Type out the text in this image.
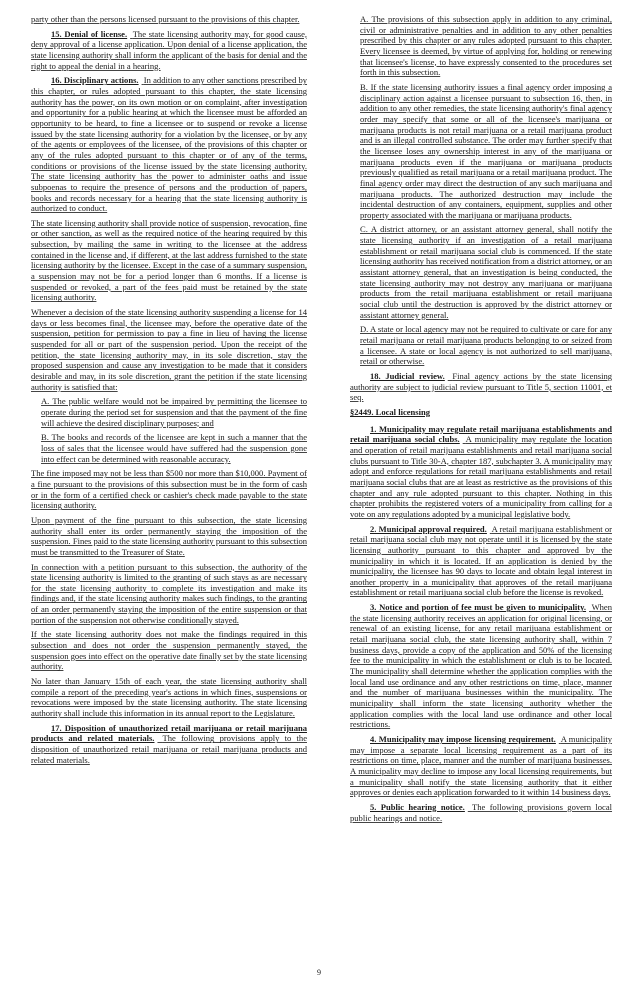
party other than the persons licensed pursuant to the provisions of this chapter.

15. Denial of license. The state licensing authority may, for good cause, deny approval of a license application. Upon denial of a license application, the state licensing authority shall inform the applicant of the basis for denial and the right to appeal the denial in a hearing.

16. Disciplinary actions. In addition to any other sanctions prescribed by this chapter, or rules adopted pursuant to this chapter, the state licensing authority has the power, on its own motion or on complaint, after investigation and opportunity for a public hearing at which the licensee must be afforded an opportunity to be heard, to fine a licensee or to suspend or revoke a license issued by the state licensing authority for a violation by the licensee, or by any of the agents or employees of the licensee, of the provisions of this chapter or any of the rules adopted pursuant to this chapter or of any of the terms, conditions or provisions of the license issued by the state licensing authority. The state licensing authority has the power to administer oaths and issue subpoenas to require the presence of persons and the production of papers, books and records necessary for a hearing that the state licensing authority is authorized to conduct.

The state licensing authority shall provide notice of suspension, revocation, fine or other sanction, as well as the required notice of the hearing required by this subsection, by mailing the same in writing to the licensee at the address contained in the license and, if different, at the last address furnished to the state licensing authority by the licensee. Except in the case of a summary suspension, a suspension may not be for a period longer than 6 months. If a license is suspended or revoked, a part of the fees paid must be retained by the state licensing authority.

Whenever a decision of the state licensing authority suspending a license for 14 days or less becomes final, the licensee may, before the operative date of the suspension, petition for permission to pay a fine in lieu of having the license suspended for all or part of the suspension period. Upon the receipt of the petition, the state licensing authority may, in its sole discretion, stay the proposed suspension and cause any investigation to be made that it considers desirable and may, in its sole discretion, grant the petition if the state licensing authority is satisfied that:

A. The public welfare would not be impaired by permitting the licensee to operate during the period set for suspension and that the payment of the fine will achieve the desired disciplinary purposes; and

B. The books and records of the licensee are kept in such a manner that the loss of sales that the licensee would have suffered had the suspension gone into effect can be determined with reasonable accuracy.

The fine imposed may not be less than $500 nor more than $10,000. Payment of a fine pursuant to the provisions of this subsection must be in the form of cash or in the form of a certified check or cashier's check made payable to the state licensing authority.

Upon payment of the fine pursuant to this subsection, the state licensing authority shall enter its order permanently staying the imposition of the suspension. Fines paid to the state licensing authority pursuant to this subsection must be transmitted to the Treasurer of State.

In connection with a petition pursuant to this subsection, the authority of the state licensing authority is limited to the granting of such stays as are necessary for the state licensing authority to complete its investigation and make its findings and, if the state licensing authority makes such findings, to the granting of an order permanently staying the imposition of the entire suspension or that portion of the suspension not otherwise conditionally stayed.

If the state licensing authority does not make the findings required in this subsection and does not order the suspension permanently stayed, the suspension goes into effect on the operative date finally set by the state licensing authority.

No later than January 15th of each year, the state licensing authority shall compile a report of the preceding year's actions in which fines, suspensions or revocations were imposed by the state licensing authority. The state licensing authority shall include this information in its annual report to the Legislature.

17. Disposition of unauthorized retail marijuana or retail marijuana products and related materials. The following provisions apply to the disposition of unauthorized retail marijuana or retail marijuana products and related materials.

A. The provisions of this subsection apply in addition to any criminal, civil or administrative penalties and in addition to any other penalties prescribed by this chapter or any rules adopted pursuant to this chapter. Every licensee is deemed, by virtue of applying for, holding or renewing that licensee's license, to have expressly consented to the procedures set forth in this subsection.

B. If the state licensing authority issues a final agency order imposing a disciplinary action against a licensee pursuant to subsection 16, then, in addition to any other remedies, the state licensing authority's final agency order may specify that some or all of the licensee's marijuana or marijuana products is not retail marijuana or a retail marijuana product and is an illegal controlled substance. The order may further specify that the licensee loses any ownership interest in any of the marijuana or marijuana products even if the marijuana or marijuana products previously qualified as retail marijuana or a retail marijuana product. The final agency order may direct the destruction of any such marijuana and marijuana products. The authorized destruction may include the incidental destruction of any containers, equipment, supplies and other property associated with the marijuana or marijuana products.

C. A district attorney, or an assistant attorney general, shall notify the state licensing authority if an investigation of a retail marijuana establishment or retail marijuana social club is commenced. If the state licensing authority has received notification from a district attorney, or an assistant attorney general, that an investigation is being conducted, the state licensing authority may not destroy any marijuana or marijuana products from the retail marijuana establishment or retail marijuana social club until the destruction is approved by the district attorney or assistant attorney general.

D. A state or local agency may not be required to cultivate or care for any retail marijuana or retail marijuana products belonging to or seized from a licensee. A state or local agency is not authorized to sell marijuana, retail or otherwise.

18. Judicial review. Final agency actions by the state licensing authority are subject to judicial review pursuant to Title 5, section 11001, et seq.

§2449. Local licensing

1. Municipality may regulate retail marijuana establishments and retail marijuana social clubs. A municipality may regulate the location and operation of retail marijuana establishments and retail marijuana social clubs pursuant to Title 30-A, chapter 187, subchapter 3. A municipality may adopt and enforce regulations for retail marijuana establishments and retail marijuana social clubs that are at least as restrictive as the provisions of this chapter and any rule adopted pursuant to this chapter. Nothing in this chapter prohibits the registered voters of a municipality from calling for a vote on any regulations adopted by a municipal legislative body.

2. Municipal approval required. A retail marijuana establishment or retail marijuana social club may not operate until it is licensed by the state licensing authority pursuant to this chapter and approved by the municipality in which it is located. If an application is denied by the municipality, the licensee has 90 days to locate and obtain legal interest in another property in a municipality that approves of the retail marijuana establishment or retail marijuana social club before the license is revoked.

3. Notice and portion of fee must be given to municipality. When the state licensing authority receives an application for original licensing, or renewal of an existing license, for any retail marijuana establishment or retail marijuana social club, the state licensing authority shall, within 7 business days, provide a copy of the application and 50% of the licensing fee to the municipality in which the establishment or club is to be located. The municipality shall determine whether the application complies with the local land use ordinance and any other restrictions on time, place, manner and the number of marijuana businesses within the municipality. The municipality shall inform the state licensing authority whether the application complies with the local land use ordinance and other local restrictions.

4. Municipality may impose licensing requirement. A municipality may impose a separate local licensing requirement as a part of its restrictions on time, place, manner and the number of marijuana businesses. A municipality may decline to impose any local licensing requirements, but a municipality shall notify the state licensing authority that it either approves or denies each application forwarded to it within 14 business days.

5. Public hearing notice. The following provisions govern local public hearings and notice.

9
